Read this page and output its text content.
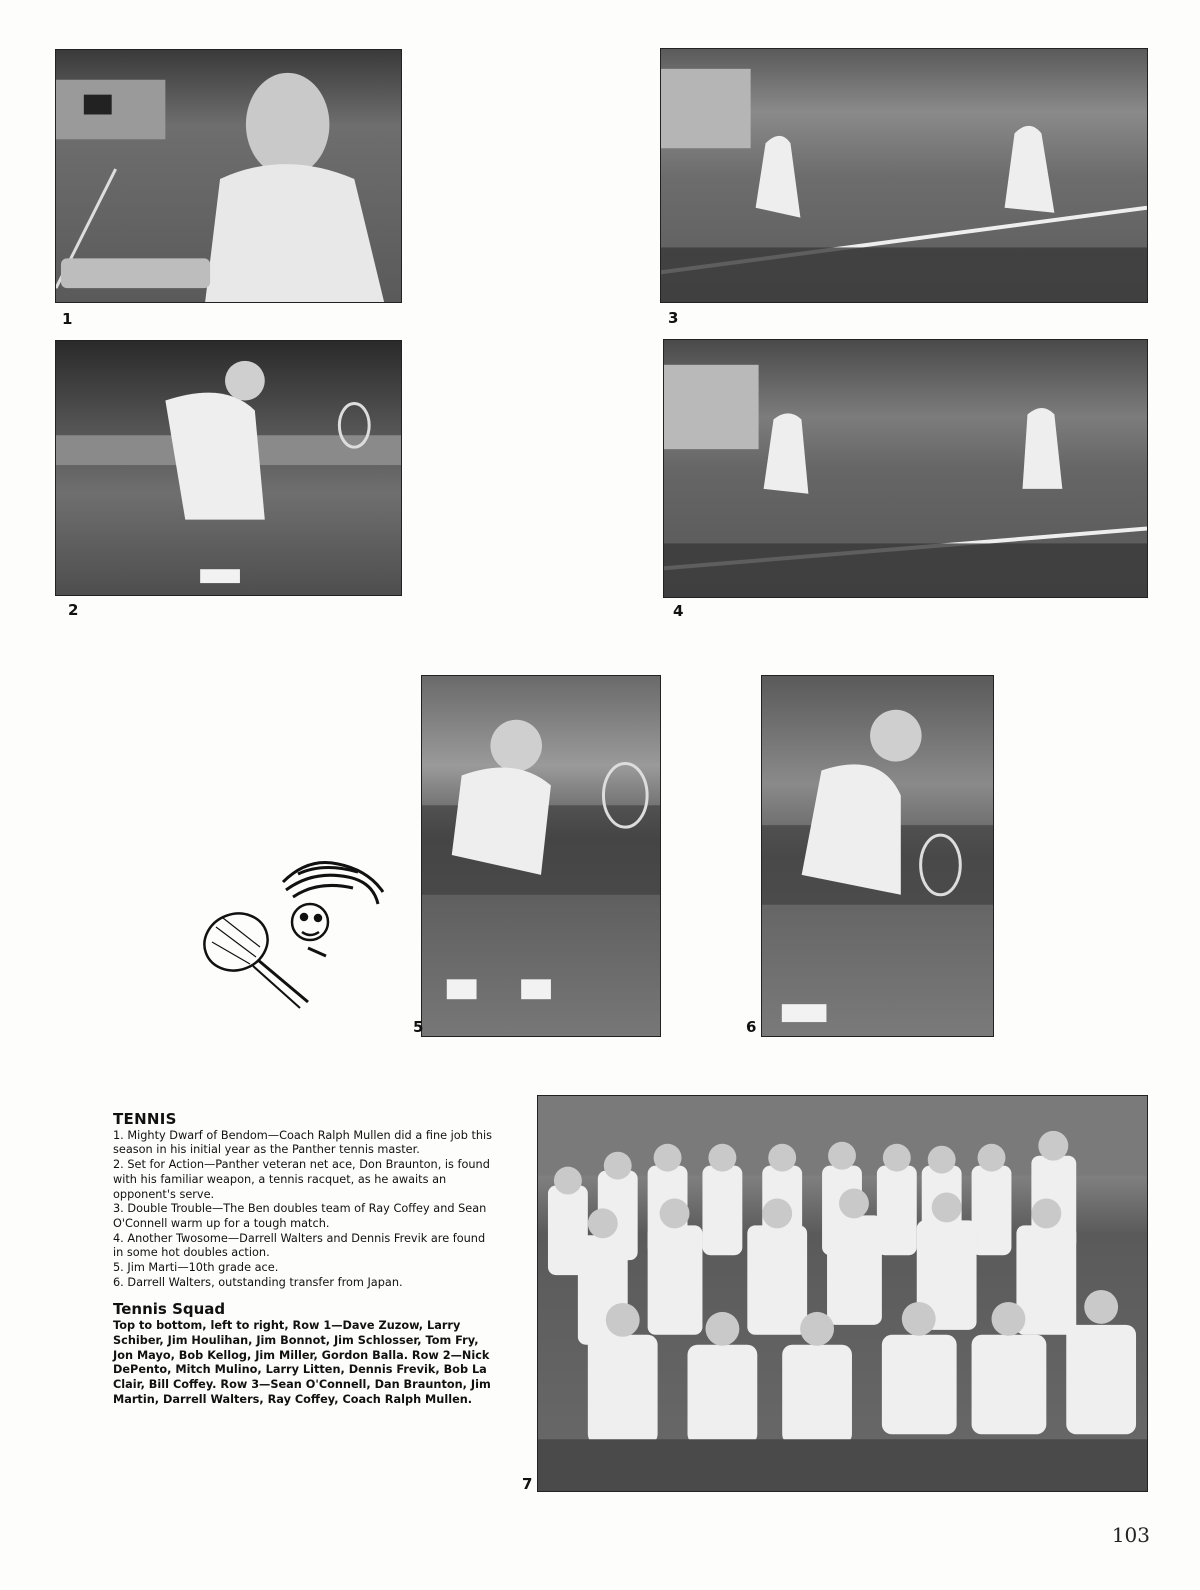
1
2
3
4
5	6
7
TENNIS

1. Mighty Dwarf of Bendom—Coach Ralph Mullen did a fine job this season in his initial year as the Panther tennis master.

2. Set for Action—Panther veteran net ace, Don Braunton, is found with his familiar weapon, a tennis racquet, as he awaits an opponent's serve.

3. Double Trouble—The Ben doubles team of Ray Coffey and Sean O'Connell warm up for a tough match.

4. Another Twosome—Darrell Walters and Dennis Frevik are found in some hot doubles action.

5. Jim Marti—10th grade ace.

6. Darrell Walters, outstanding transfer from Japan.

Tennis Squad

Top to bottom, left to right, Row 1—Dave Zuzow, Larry Schiber, Jim Houlihan, Jim Bonnot, Jim Schlosser, Tom Fry, Jon Mayo, Bob Kellog, Jim Miller, Gordon Balla. Row 2—Nick DePento, Mitch Mulino, Larry Litten, Dennis Frevik, Bob La Clair, Bill Coffey. Row 3—Sean O'Connell, Dan Braunton, Jim Martin, Darrell Walters, Ray Coffey, Coach Ralph Mullen.

103
